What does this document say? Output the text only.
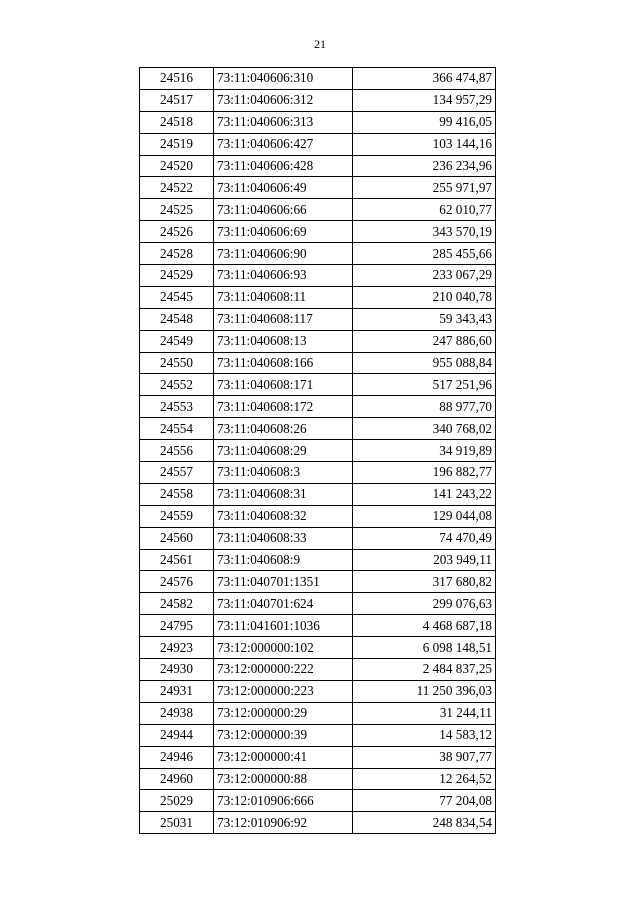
21
24516	73:11:040606:310	366 474,87
24517	73:11:040606:312	134 957,29
24518	73:11:040606:313	99 416,05
24519	73:11:040606:427	103 144,16
24520	73:11:040606:428	236 234,96
24522	73:11:040606:49	255 971,97
24525	73:11:040606:66	62 010,77
24526	73:11:040606:69	343 570,19
24528	73:11:040606:90	285 455,66
24529	73:11:040606:93	233 067,29
24545	73:11:040608:11	210 040,78
24548	73:11:040608:117	59 343,43
24549	73:11:040608:13	247 886,60
24550	73:11:040608:166	955 088,84
24552	73:11:040608:171	517 251,96
24553	73:11:040608:172	88 977,70
24554	73:11:040608:26	340 768,02
24556	73:11:040608:29	34 919,89
24557	73:11:040608:3	196 882,77
24558	73:11:040608:31	141 243,22
24559	73:11:040608:32	129 044,08
24560	73:11:040608:33	74 470,49
24561	73:11:040608:9	203 949,11
24576	73:11:040701:1351	317 680,82
24582	73:11:040701:624	299 076,63
24795	73:11:041601:1036	4 468 687,18
24923	73:12:000000:102	6 098 148,51
24930	73:12:000000:222	2 484 837,25
24931	73:12:000000:223	11 250 396,03
24938	73:12:000000:29	31 244,11
24944	73:12:000000:39	14 583,12
24946	73:12:000000:41	38 907,77
24960	73:12:000000:88	12 264,52
25029	73:12:010906:666	77 204,08
25031	73:12:010906:92	248 834,54
